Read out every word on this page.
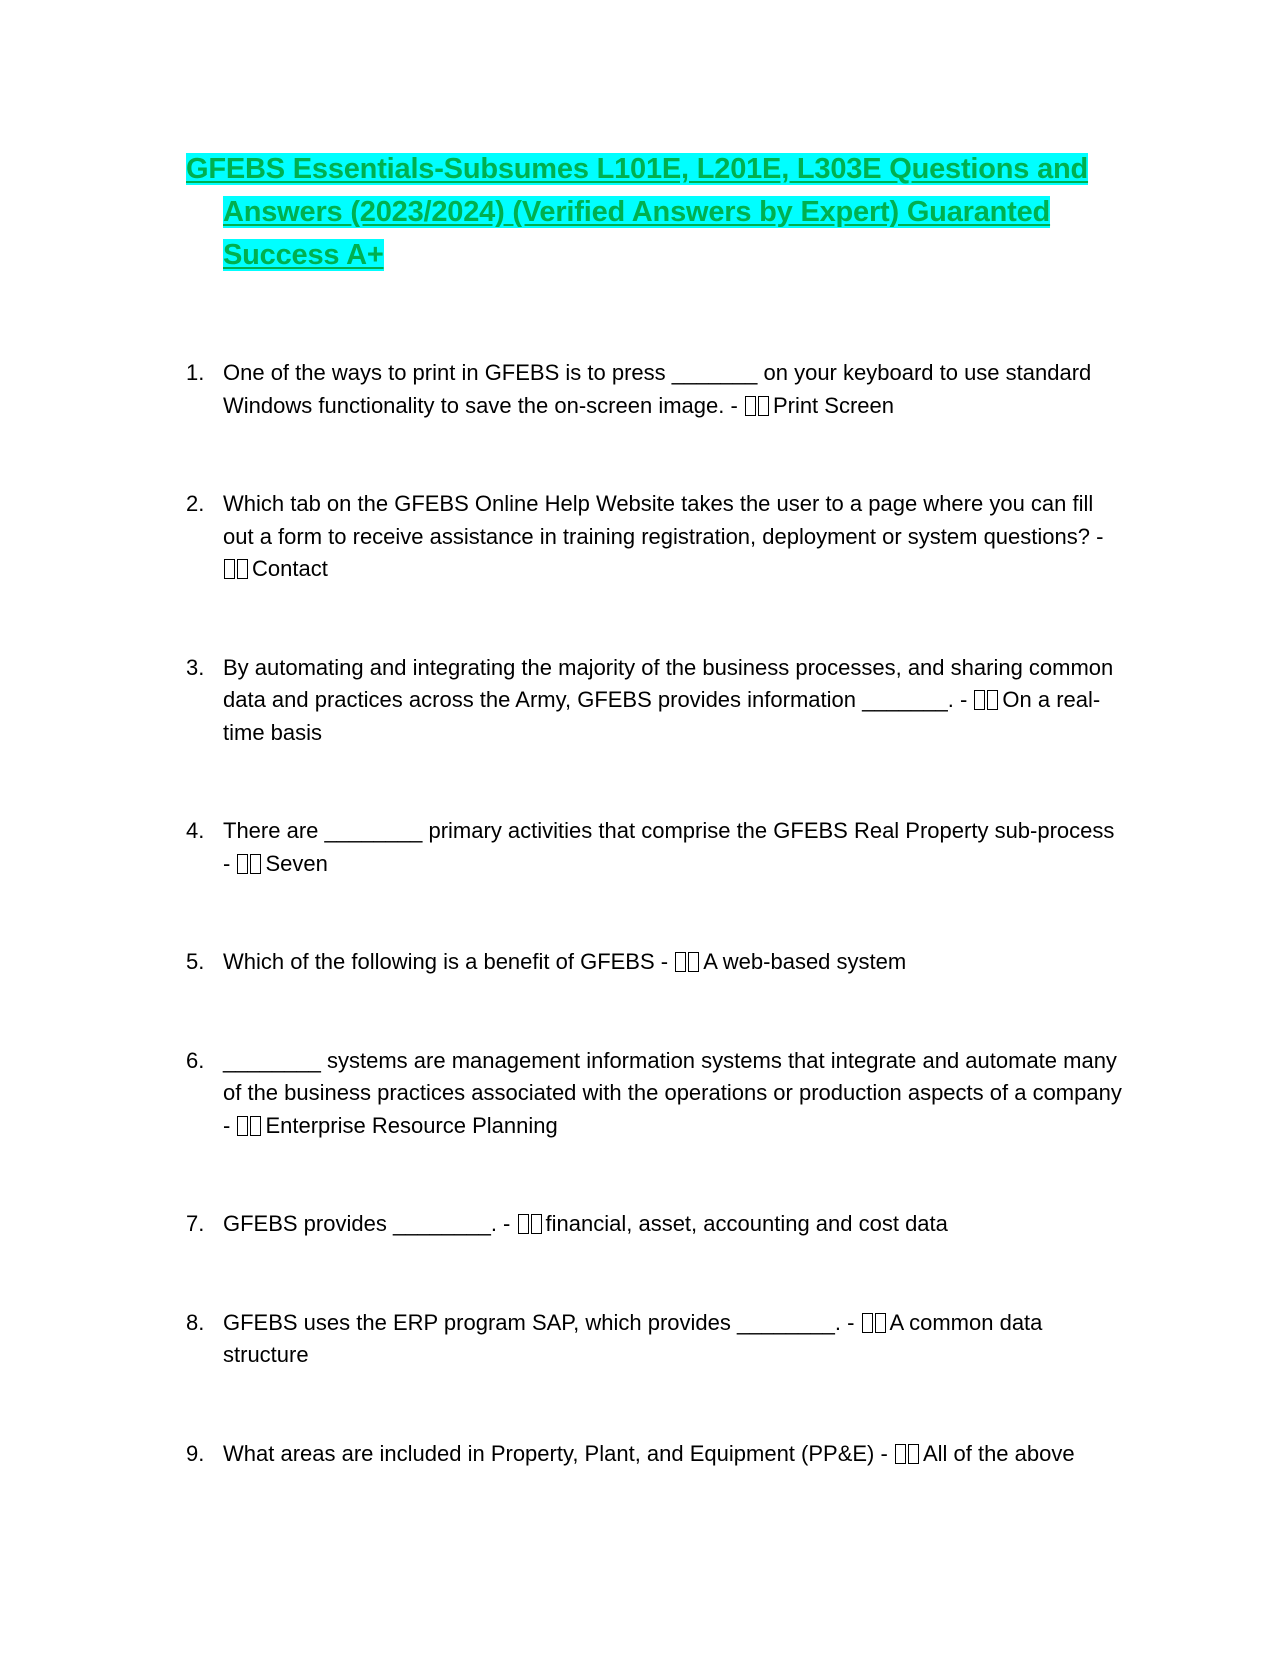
GFEBS Essentials-Subsumes L101E, L201E, L303E Questions and Answers (2023/2024) (Verified Answers by Expert) Guaranted Success A+
1. One of the ways to print in GFEBS is to press _______ on your keyboard to use standard Windows functionality to save the on-screen image. - Print Screen
2. Which tab on the GFEBS Online Help Website takes the user to a page where you can fill out a form to receive assistance in training registration, deployment or system questions? - Contact
3. By automating and integrating the majority of the business processes, and sharing common data and practices across the Army, GFEBS provides information _______. - On a real-time basis
4. There are ________ primary activities that comprise the GFEBS Real Property sub-process - Seven
5. Which of the following is a benefit of GFEBS - A web-based system
6. ________ systems are management information systems that integrate and automate many of the business practices associated with the operations or production aspects of a company - Enterprise Resource Planning
7. GFEBS provides ________. - financial, asset, accounting and cost data
8. GFEBS uses the ERP program SAP, which provides ________. - A common data structure
9. What areas are included in Property, Plant, and Equipment (PP&E) - All of the above
